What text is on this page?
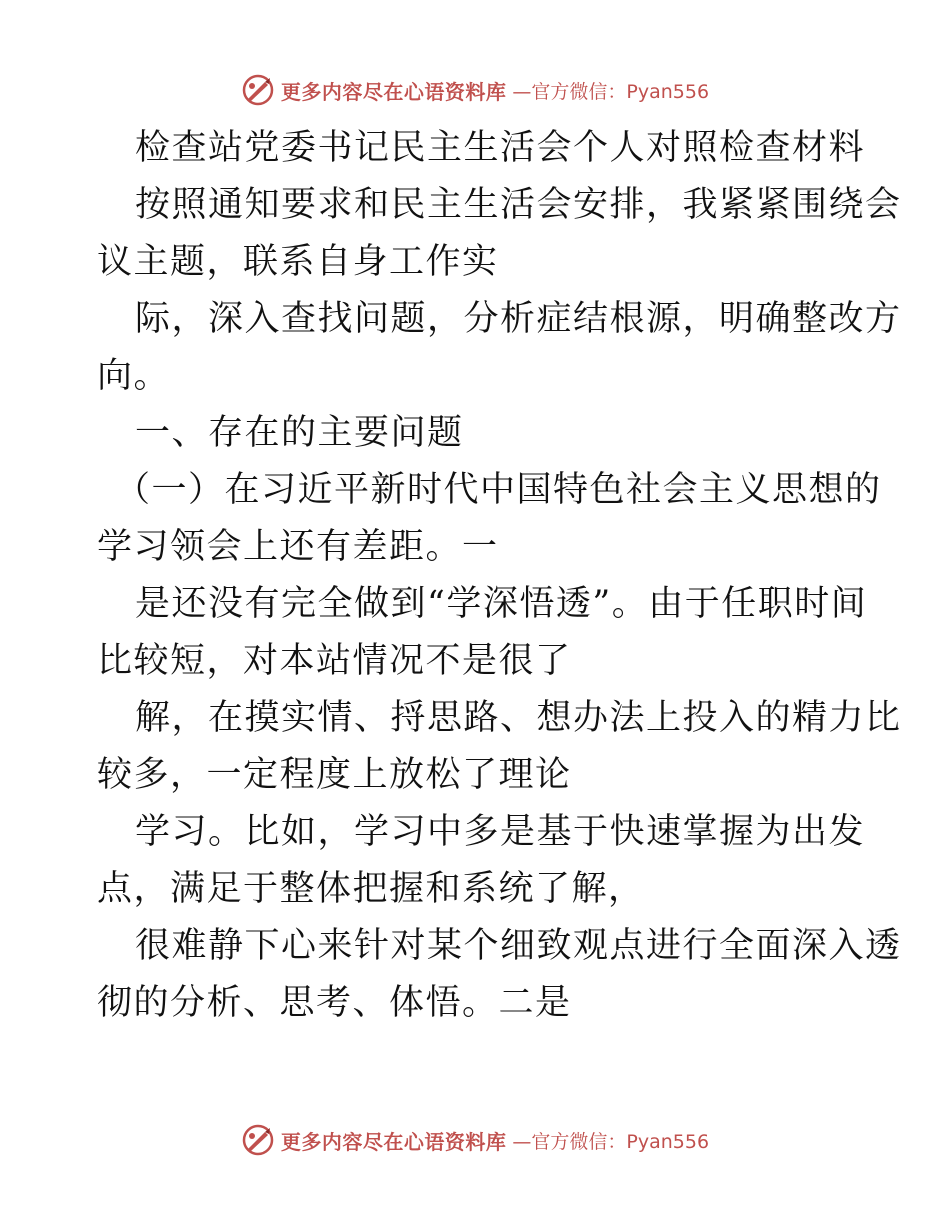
更多内容尽在心语资料库 —官方微信：Pyan556
检查站党委书记民主生活会个人对照检查材料
按照通知要求和民主生活会安排，我紧紧围绕会
议主题，联系自身工作实
际，深入查找问题，分析症结根源，明确整改方
向。
一、存在的主要问题
（一）在习近平新时代中国特色社会主义思想的
学习领会上还有差距。一
是还没有完全做到“学深悟透”。由于任职时间
比较短，对本站情况不是很了
解，在摸实情、捋思路、想办法上投入的精力比
较多，一定程度上放松了理论
学习。比如，学习中多是基于快速掌握为出发
点，满足于整体把握和系统了解，
很难静下心来针对某个细致观点进行全面深入透
彻的分析、思考、体悟。二是
更多内容尽在心语资料库 —官方微信：Pyan556
